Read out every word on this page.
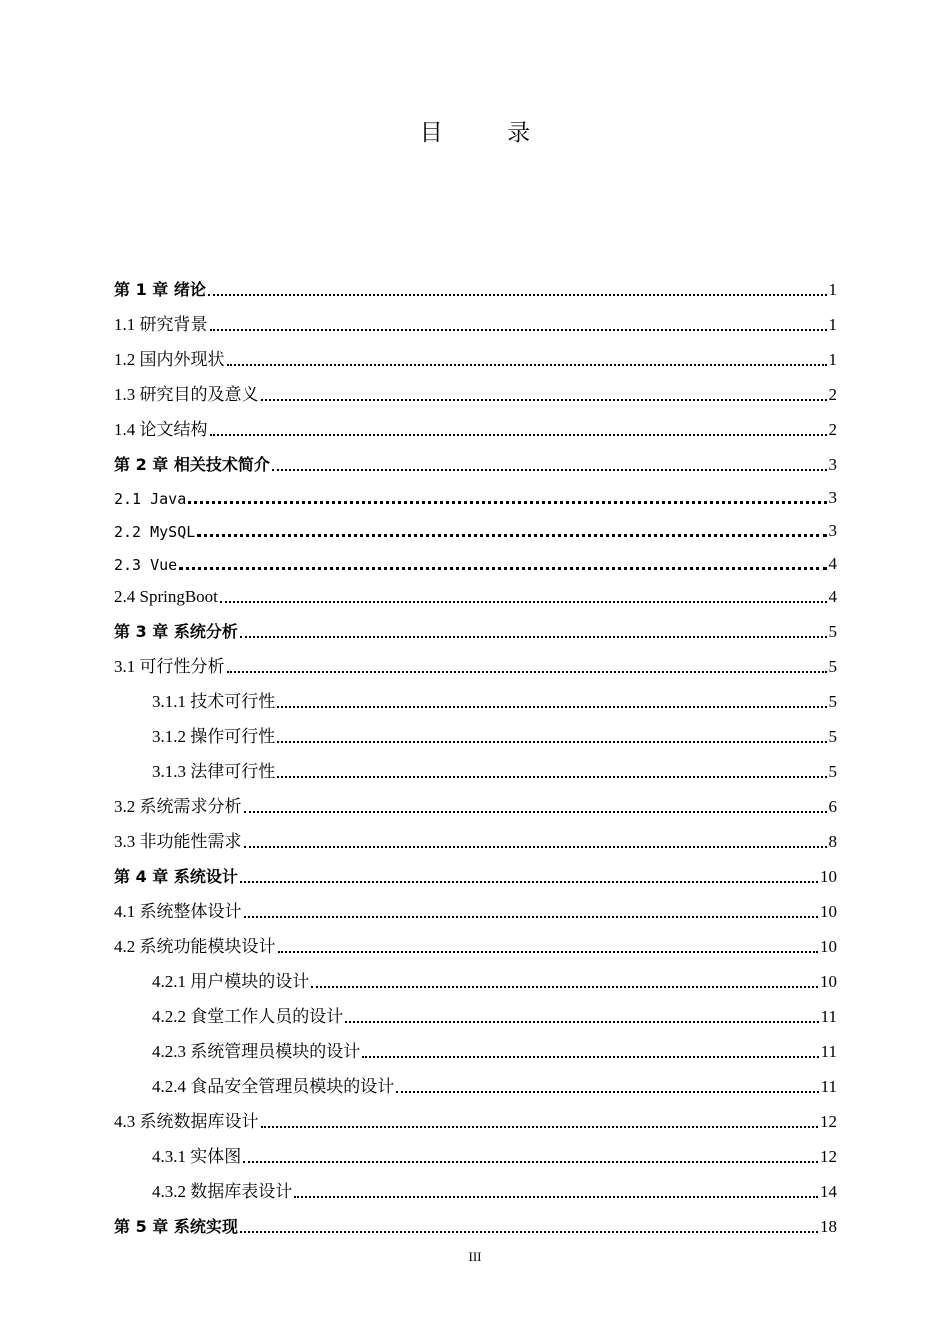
目　录
第 1 章 绪论	1
1.1 研究背景	1
1.2 国内外现状	1
1.3 研究目的及意义	2
1.4 论文结构	2
第 2 章 相关技术简介	3
2.1 Java	3
2.2 MySQL	3
2.3 Vue	4
2.4 SpringBoot	4
第 3 章 系统分析	5
3.1 可行性分析	5
3.1.1 技术可行性	5
3.1.2 操作可行性	5
3.1.3 法律可行性	5
3.2 系统需求分析	6
3.3 非功能性需求	8
第 4 章 系统设计	10
4.1 系统整体设计	10
4.2 系统功能模块设计	10
4.2.1 用户模块的设计	10
4.2.2 食堂工作人员的设计	11
4.2.3 系统管理员模块的设计	11
4.2.4 食品安全管理员模块的设计	11
4.3 系统数据库设计	12
4.3.1 实体图	12
4.3.2 数据库表设计	14
第 5 章 系统实现	18
III
